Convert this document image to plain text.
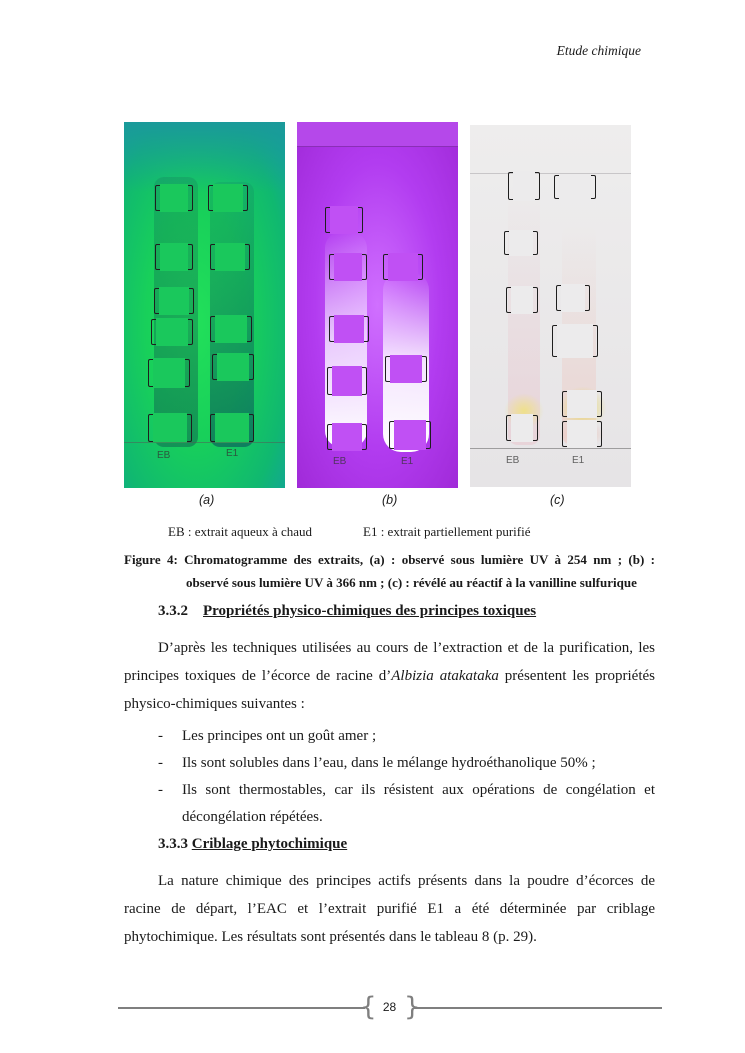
Etude chimique
EB	E1
EB	E1	EB	E1
(a)	(b)	(c)
EB : extrait aqueux à chaud	E1 : extrait partiellement purifié
Figure 4: Chromatogramme des extraits, (a) : observé sous lumière UV à 254 nm ; (b) :
observé sous lumière UV à 366 nm ; (c) : révélé au réactif à la vanilline sulfurique
3.3.2 Propriétés physico-chimiques des principes toxiques
D’après les techniques utilisées au cours de l’extraction et de la purification, les principes toxiques de l’écorce de racine d’Albizia atakataka présentent les propriétés physico-chimiques suivantes :
-	Les principes ont un goût amer ;
-	Ils sont solubles dans l’eau, dans le mélange hydroéthanolique 50% ;
-	Ils sont thermostables, car ils résistent aux opérations de congélation et décongélation répétées.
3.3.3 Criblage phytochimique
La nature chimique des principes actifs présents dans la poudre d’écorces de racine de départ, l’EAC et l’extrait purifié E1 a été déterminée par criblage phytochimique. Les résultats sont présentés dans le tableau 8 (p. 29).
{ }
28
